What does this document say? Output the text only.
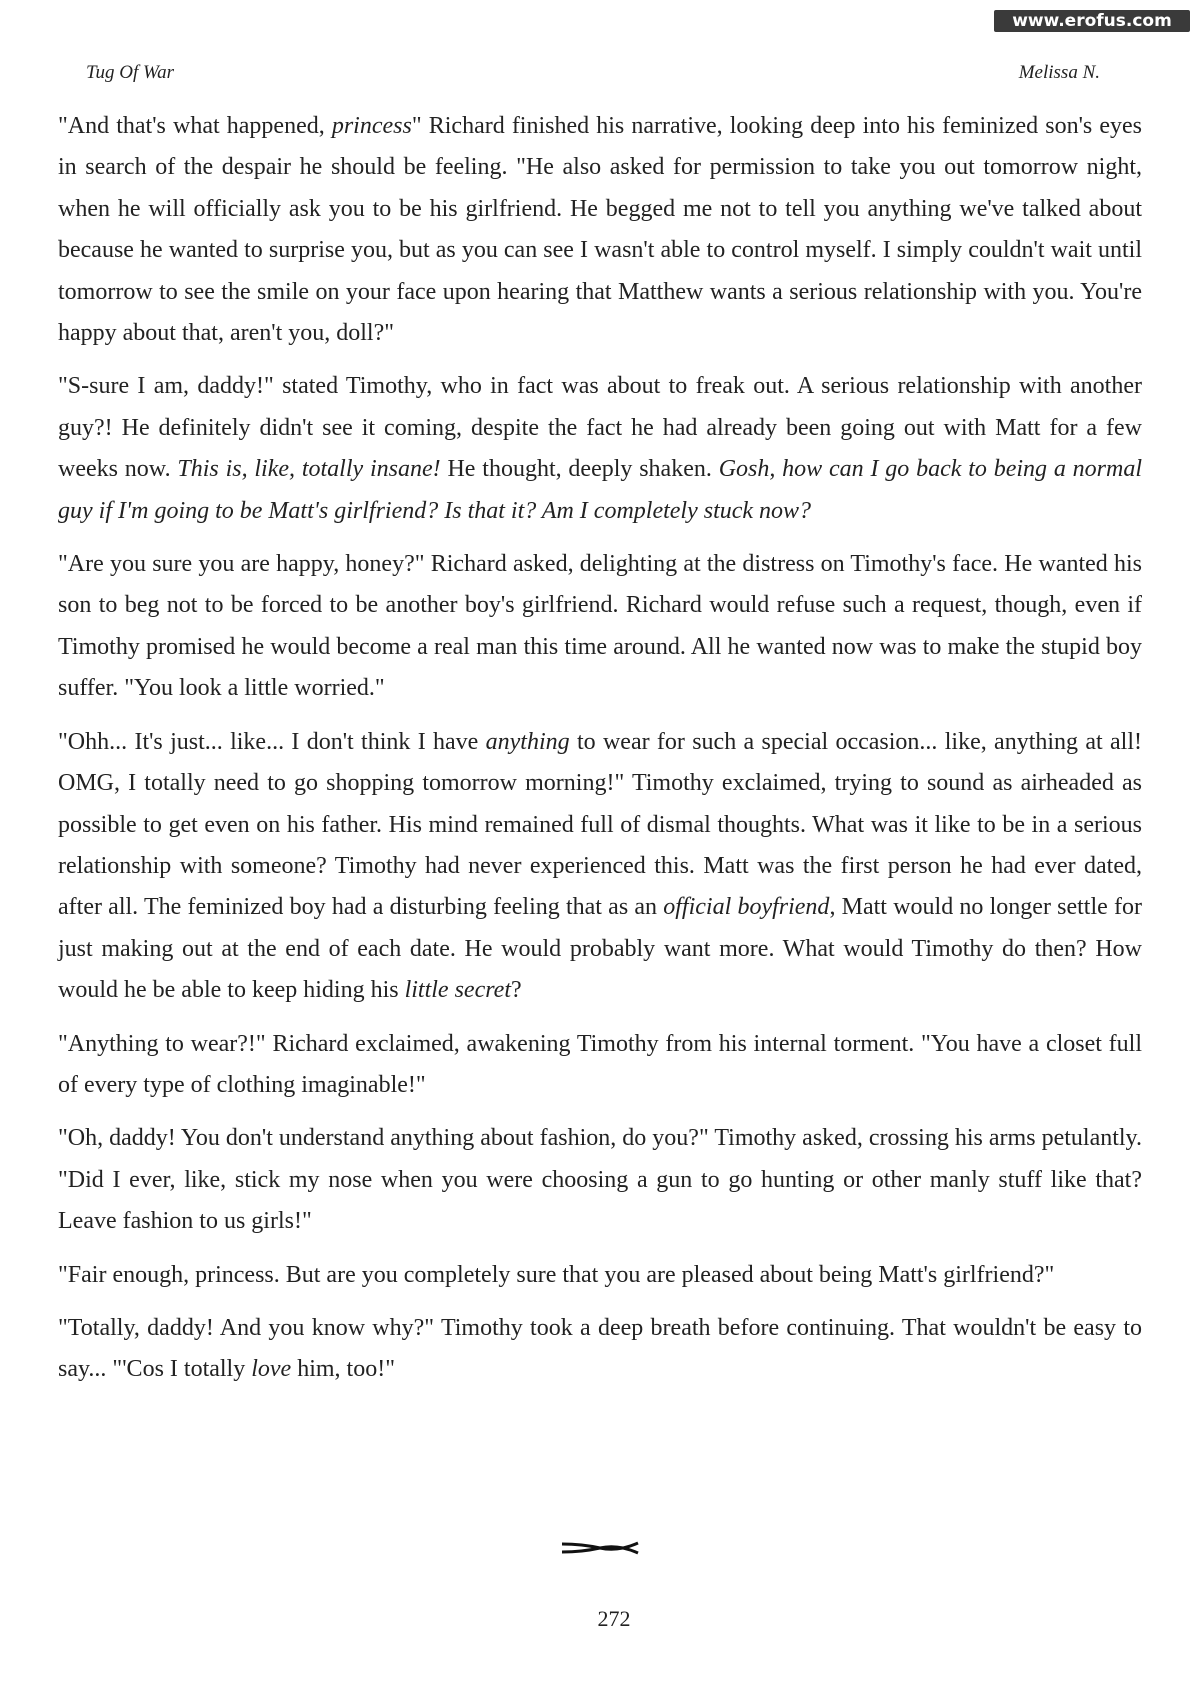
www.erofus.com
Tug Of War	Melissa N.

"And that's what happened, princess" Richard finished his narrative, looking deep into his feminized son's eyes in search of the despair he should be feeling. "He also asked for permission to take you out tomorrow night, when he will officially ask you to be his girlfriend. He begged me not to tell you anything we've talked about because he wanted to surprise you, but as you can see I wasn't able to control myself. I simply couldn't wait until tomorrow to see the smile on your face upon hearing that Matthew wants a serious relationship with you. You're happy about that, aren't you, doll?"

"S-sure I am, daddy!" stated Timothy, who in fact was about to freak out. A serious relationship with another guy?! He definitely didn't see it coming, despite the fact he had already been going out with Matt for a few weeks now. This is, like, totally insane! He thought, deeply shaken. Gosh, how can I go back to being a normal guy if I'm going to be Matt's girlfriend? Is that it? Am I completely stuck now?

"Are you sure you are happy, honey?" Richard asked, delighting at the distress on Timothy's face. He wanted his son to beg not to be forced to be another boy's girlfriend. Richard would refuse such a request, though, even if Timothy promised he would become a real man this time around. All he wanted now was to make the stupid boy suffer. "You look a little worried."

"Ohh... It's just... like... I don't think I have anything to wear for such a special occasion... like, anything at all! OMG, I totally need to go shopping tomorrow morning!" Timothy exclaimed, trying to sound as airheaded as possible to get even on his father. His mind remained full of dismal thoughts. What was it like to be in a serious relationship with someone? Timothy had never experienced this. Matt was the first person he had ever dated, after all. The feminized boy had a disturbing feeling that as an official boyfriend, Matt would no longer settle for just making out at the end of each date. He would probably want more. What would Timothy do then? How would he be able to keep hiding his little secret?

"Anything to wear?!" Richard exclaimed, awakening Timothy from his internal torment. "You have a closet full of every type of clothing imaginable!"

"Oh, daddy! You don't understand anything about fashion, do you?" Timothy asked, crossing his arms petulantly. "Did I ever, like, stick my nose when you were choosing a gun to go hunting or other manly stuff like that? Leave fashion to us girls!"

"Fair enough, princess. But are you completely sure that you are pleased about being Matt's girlfriend?"

"Totally, daddy! And you know why?" Timothy took a deep breath before continuing. That wouldn't be easy to say... "'Cos I totally love him, too!"

272
